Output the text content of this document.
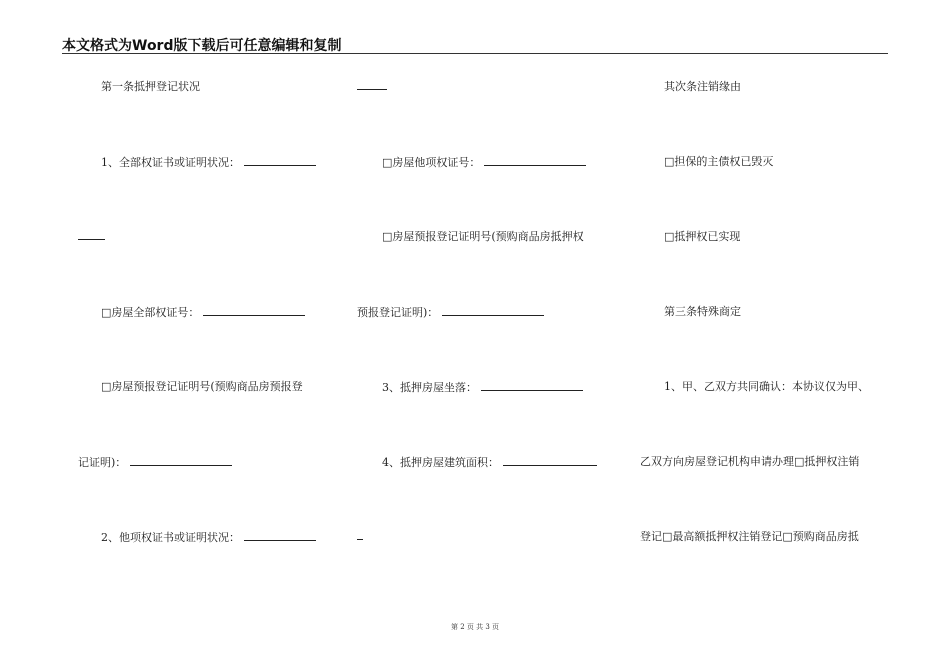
本文格式为Word版下载后可任意编辑和复制
第一条抵押登记状况
1、全部权证书或证明状况：
□房屋全部权证号：
□房屋预报登记证明号(预购商品房预报登
记证明)：
2、他项权证书或证明状况：
□房屋他项权证号：
□房屋预报登记证明号(预购商品房抵押权
预报登记证明)：
3、抵押房屋坐落：
4、抵押房屋建筑面积：
其次条注销缘由
□担保的主债权已毁灭
□抵押权已实现
第三条特殊商定
1、甲、乙双方共同确认：本协议仅为甲、
乙双方向房屋登记机构申请办理□抵押权注销
登记□最高额抵押权注销登记□预购商品房抵
第 2 页 共 3 页
